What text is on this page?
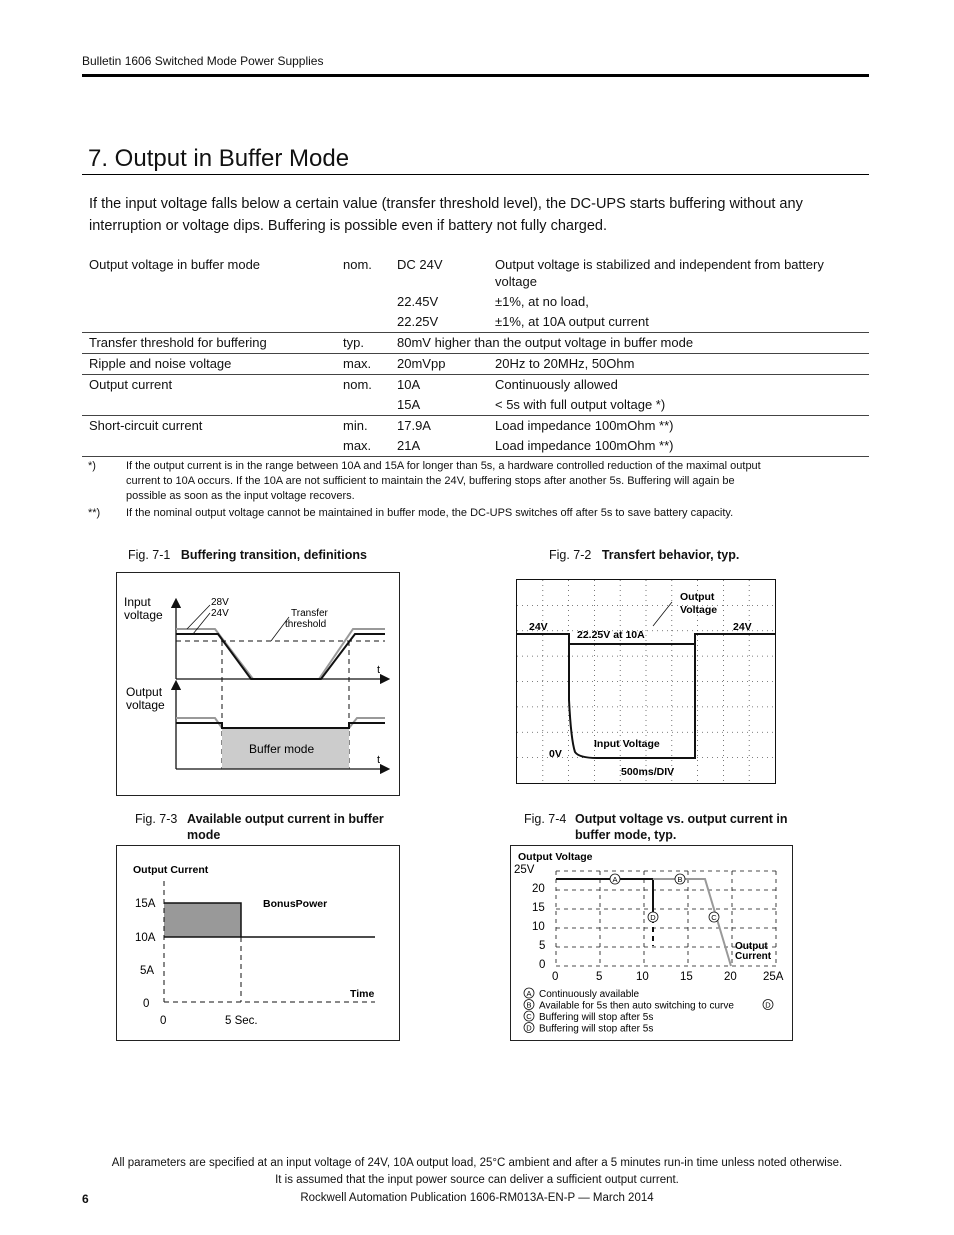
Bulletin 1606 Switched Mode Power Supplies
7. Output in Buffer Mode
If the input voltage falls below a certain value (transfer threshold level), the DC-UPS starts buffering without any interruption or voltage dips. Buffering is possible even if battery not fully charged.
Output voltage in buffer mode	nom.	DC 24V	Output voltage is stabilized and independent from battery voltage
		22.45V	±1%, at no load,
		22.25V	±1%, at 10A output current
Transfer threshold for buffering	typ.	80mV higher than the output voltage in buffer mode	
Ripple and noise voltage	max.	20mVpp	20Hz to 20MHz, 50Ohm
Output current	nom.	10A	Continuously allowed
		15A	< 5s with full output voltage *)
Short-circuit current	min.	17.9A	Load impedance 100mOhm **)
	max.	21A	Load impedance 100mOhm **)
*)	If the output current is in the range between 10A and 15A for longer than 5s, a hardware controlled reduction of the maximal output current to 10A occurs. If the 10A are not sufficient to maintain the 24V, buffering stops after another 5s. Buffering will again be possible as soon as the input voltage recovers.
**)	If the nominal output voltage cannot be maintained in buffer mode, the DC-UPS switches off after 5s to save battery capacity.
Fig. 7-1 Buffering transition, definitions
Input
voltage
28V
24V	Transfer
threshold
t
Output
voltage
Buffer mode
t
Fig. 7-2 Transfert behavior, typ.
Output
Voltage
24V	24V
22.25V at 10A
0V
Input Voltage
500ms/DIV
Fig. 7-3 Available output current in buffer mode
Output Current
BonusPower
15A
10A
5A
0
0	5 Sec.
Time
Fig. 7-4 Output voltage vs. output current in buffer mode, typ.
Output Voltage
A	B
C
D
25V
20
15
10
5
0
0	5	10	15	20 25A
Output
Current
A Continuously available
B Available for 5s then auto switching to curve
C Buffering will stop after 5s
D Buffering will stop after 5s
D
All parameters are specified at an input voltage of 24V, 10A output load, 25°C ambient and after a 5 minutes run-in time unless noted otherwise.
It is assumed that the input power source can deliver a sufficient output current.
6	Rockwell Automation Publication 1606-RM013A-EN-P — March 2014
